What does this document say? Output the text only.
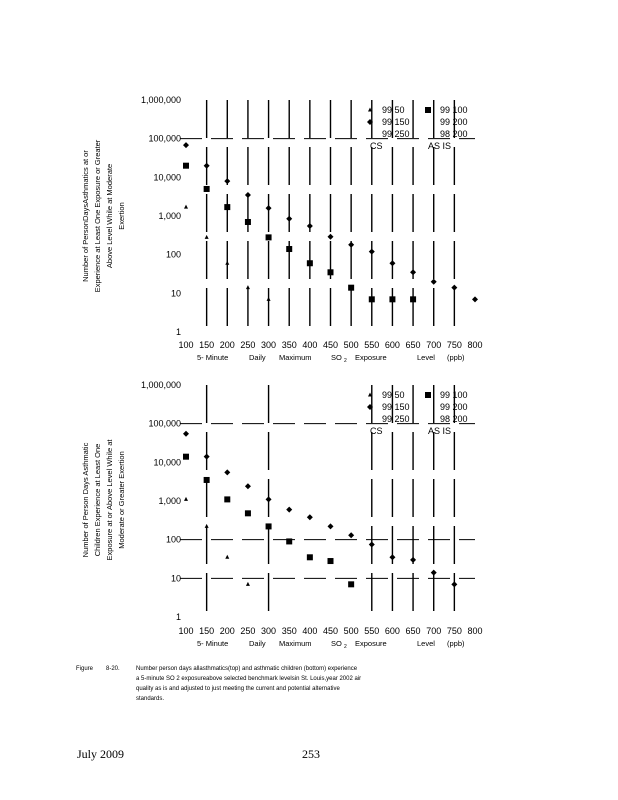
1
10
100
1,000
10,000
100,000
1,000,000
100 150 200 250 300 350 400 450 500 550 600 650 700 750 800
5- Minute	Daily Maximum	SO 2 Exposure	Level (ppb)
Number of PersonDaysAsthmatics at or Experience at Least One Exposure or Greater Above Level While at Moderate Exertion
99 50	99 100
99 150	99 200
99 250	98 200
CS	AS IS
1
10
100
1,000
10,000
100,000
1,000,000
100 150 200 250 300 350 400 450 500 550 600 650 700 750 800
5- Minute	Daily Maximum	SO 2 Exposure	Level (ppb)
Number of Person Days Asthmatic Children Experience at Least One Exposure at or Above Level While at Moderate or Greater Exertion
99 50	99 100
99 150	99 200
99 250	98 200
CS	AS IS
Figure 8-20.	Number person days allasthmatics(top) and asthmatic children (bottom) experience
a 5-minute SO 2 exposureabove selected benchmark levelsin St. Louis,year 2002 air
quality as is and adjusted to just meeting the current and potential alternative
standards.
July 2009	253
